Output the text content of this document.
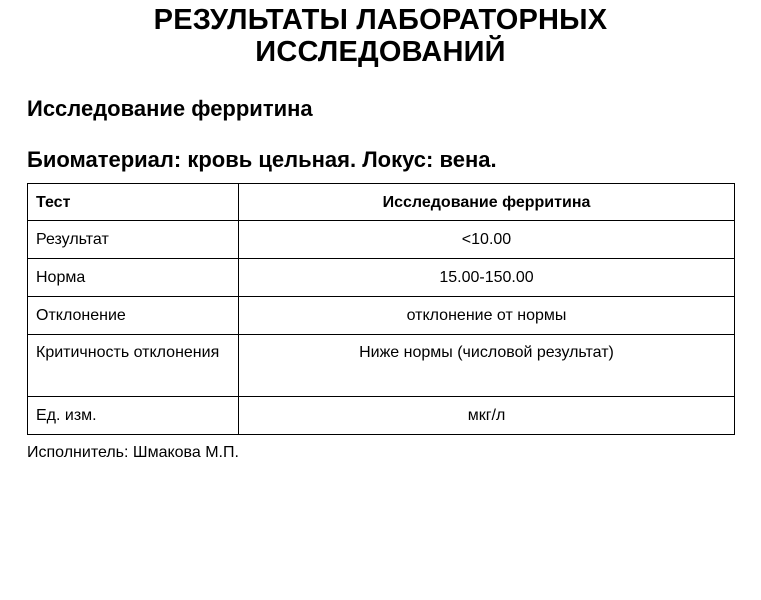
РЕЗУЛЬТАТЫ ЛАБОРАТОРНЫХ
ИССЛЕДОВАНИЙ
Исследование ферритина

Биоматериал: кровь цельная. Локус: вена.

Тест	Исследование ферритина
Результат	<10.00
Норма	15.00-150.00
Отклонение	отклонение от нормы
Критичность отклонения	Ниже нормы (числовой результат)
Ед. изм.	мкг/л

Исполнитель: Шмакова М.П.
